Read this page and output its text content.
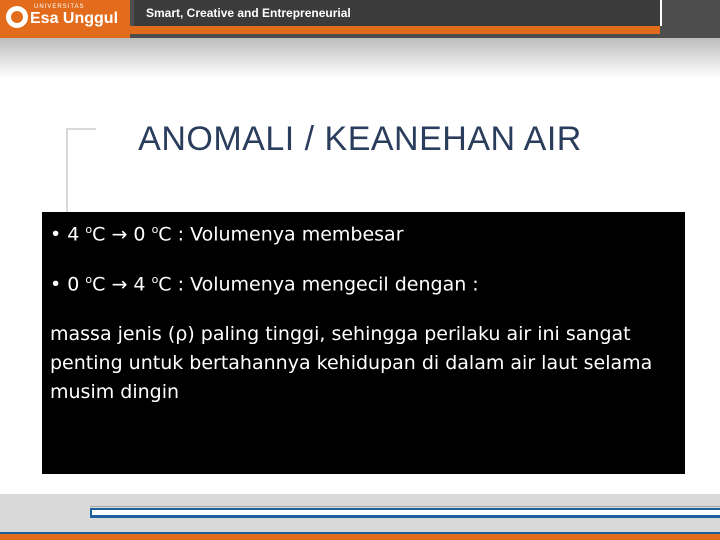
UNIVERSITAS
Esa Unggul Smart, Creative and Entrepreneurial
ANOMALI / KEANEHAN AIR
• 4 $^o$C → 0 $^o$C : Volumenya membesar
• 0 $^o$C → 4 $^o$C : Volumenya mengecil dengan :
massa jenis (ρ) paling tinggi, sehingga perilaku air ini sangat penting untuk bertahannya kehidupan di dalam air laut selama musim dingin
